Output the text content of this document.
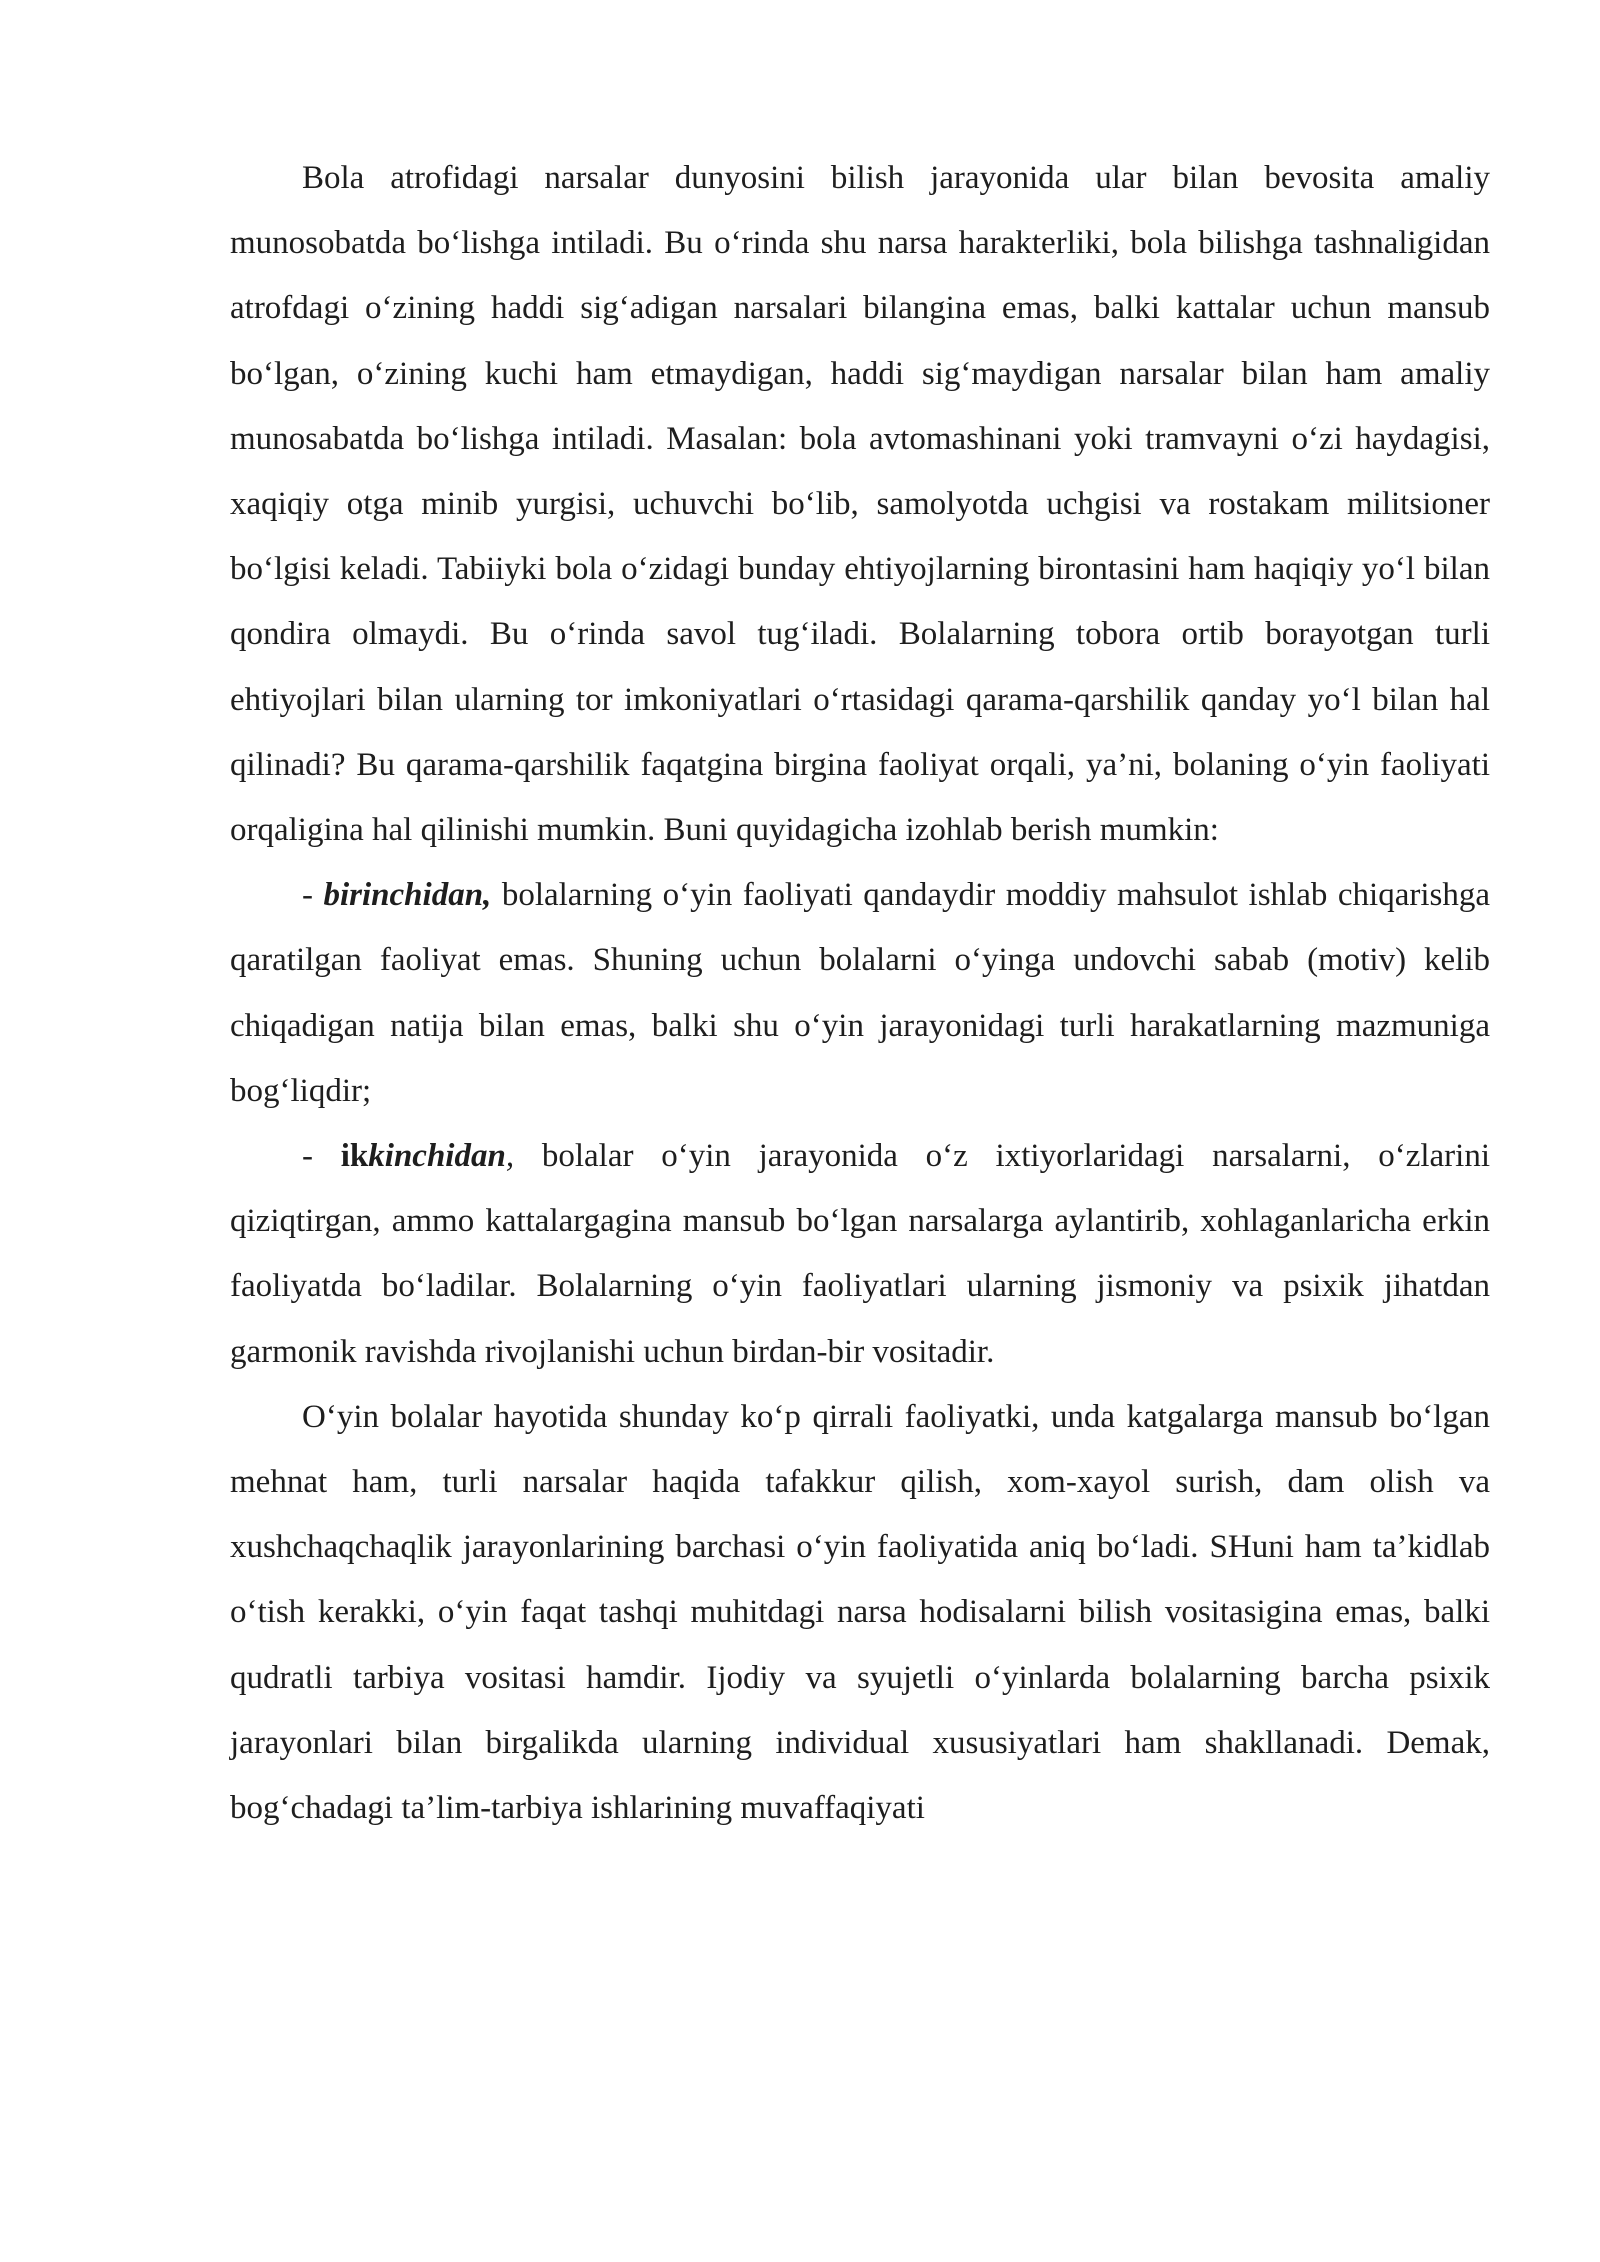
Bola atrofidagi narsalar dunyosini bilish jarayonida ular bilan bevosita amaliy munosobatda bo‘lishga intiladi. Bu o‘rinda shu narsa harakterliki, bola bilishga tashnaligidan atrofdagi o‘zining haddi sig‘adigan narsalari bilangina emas, balki kattalar uchun mansub bo‘lgan, o‘zining kuchi ham etmaydigan, haddi sig‘maydigan narsalar bilan ham amaliy munosabatda bo‘lishga intiladi. Masalan: bola avtomashinani yoki tramvayni o‘zi haydagisi, xaqiqiy otga minib yurgisi, uchuvchi bo‘lib, samolyotda uchgisi va rostakam militsioner bo‘lgisi keladi. Tabiiyki bola o‘zidagi bunday ehtiyojlarning birontasini ham haqiqiy yo‘l bilan qondira olmaydi. Bu o‘rinda savol tug‘iladi. Bolalarning tobora ortib borayotgan turli ehtiyojlari bilan ularning tor imkoniyatlari o‘rtasidagi qarama-qarshilik qanday yo‘l bilan hal qilinadi? Bu qarama-qarshilik faqatgina birgina faoliyat orqali, ya’ni, bolaning o‘yin faoliyati orqaligina hal qilinishi mumkin. Buni quyidagicha izohlab berish mumkin:

- birinchidan, bolalarning o‘yin faoliyati qandaydir moddiy mahsulot ishlab chiqarishga qaratilgan faoliyat emas. Shuning uchun bolalarni o‘yinga undovchi sabab (motiv) kelib chiqadigan natija bilan emas, balki shu o‘yin jarayonidagi turli harakatlarning mazmuniga bog‘liqdir;

- ikkinchidan, bolalar o‘yin jarayonida o‘z ixtiyorlaridagi narsalarni, o‘zlarini qiziqtirgan, ammo kattalargagina mansub bo‘lgan narsalarga aylantirib, xohlaganlaricha erkin faoliyatda bo‘ladilar. Bolalarning o‘yin faoliyatlari ularning jismoniy va psixik jihatdan garmonik ravishda rivojlanishi uchun birdan-bir vositadir.

O‘yin bolalar hayotida shunday ko‘p qirrali faoliyatki, unda katgalarga mansub bo‘lgan mehnat ham, turli narsalar haqida tafakkur qilish, xom-xayol surish, dam olish va xushchaqchaqlik jarayonlarining barchasi o‘yin faoliyatida aniq bo‘ladi. SHuni ham ta’kidlab o‘tish kerakki, o‘yin faqat tashqi muhitdagi narsa hodisalarni bilish vositasigina emas, balki qudratli tarbiya vositasi hamdir. Ijodiy va syujetli o‘yinlarda bolalarning barcha psixik jarayonlari bilan birgalikda ularning individual xususiyatlari ham shakllanadi. Demak, bog‘chadagi ta’lim-tarbiya ishlarining muvaffaqiyati
